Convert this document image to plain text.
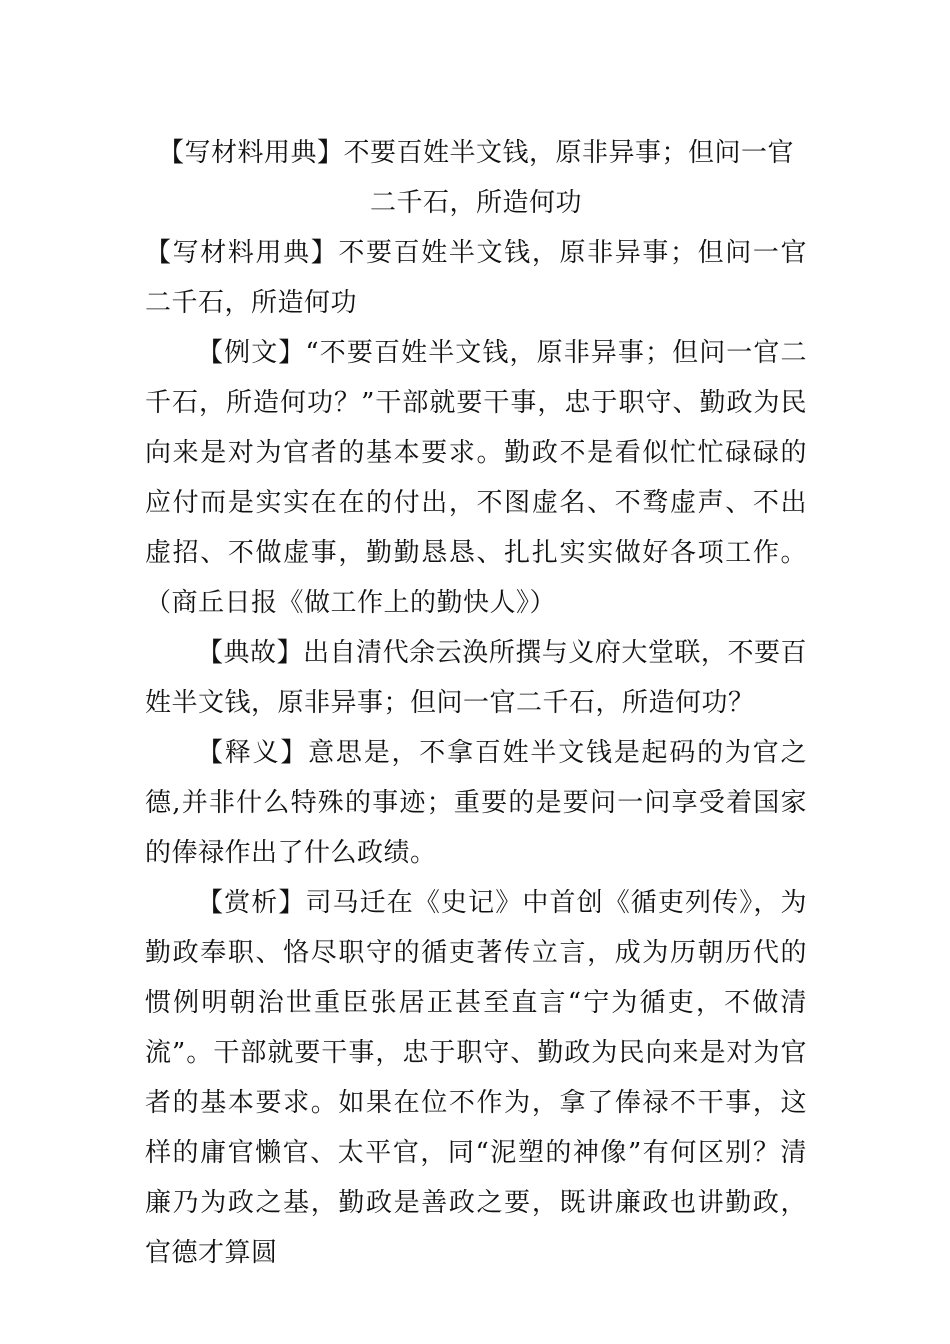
【写材料用典】不要百姓半文钱，原非异事；但问一官二千石，所造何功

【写材料用典】不要百姓半文钱，原非异事；但问一官二千石，所造何功

【例文】“不要百姓半文钱，原非异事；但问一官二千石，所造何功？”干部就要干事，忠于职守、勤政为民向来是对为官者的基本要求。勤政不是看似忙忙碌碌的应付而是实实在在的付出，不图虚名、不骛虚声、不出虚招、不做虚事，勤勤恳恳、扎扎实实做好各项工作。（商丘日报《做工作上的勤快人》）

【典故】出自清代余云涣所撰与义府大堂联，不要百姓半文钱，原非异事；但问一官二千石，所造何功？

【释义】意思是，不拿百姓半文钱是起码的为官之德,并非什么特殊的事迹；重要的是要问一问享受着国家的俸禄作出了什么政绩。

【赏析】司马迁在《史记》中首创《循吏列传》，为勤政奉职、恪尽职守的循吏著传立言，成为历朝历代的惯例明朝治世重臣张居正甚至直言“宁为循吏，不做清流”。干部就要干事，忠于职守、勤政为民向来是对为官者的基本要求。如果在位不作为，拿了俸禄不干事，这样的庸官懒官、太平官，同“泥塑的神像”有何区别？清廉乃为政之基，勤政是善政之要，既讲廉政也讲勤政，官德才算圆
